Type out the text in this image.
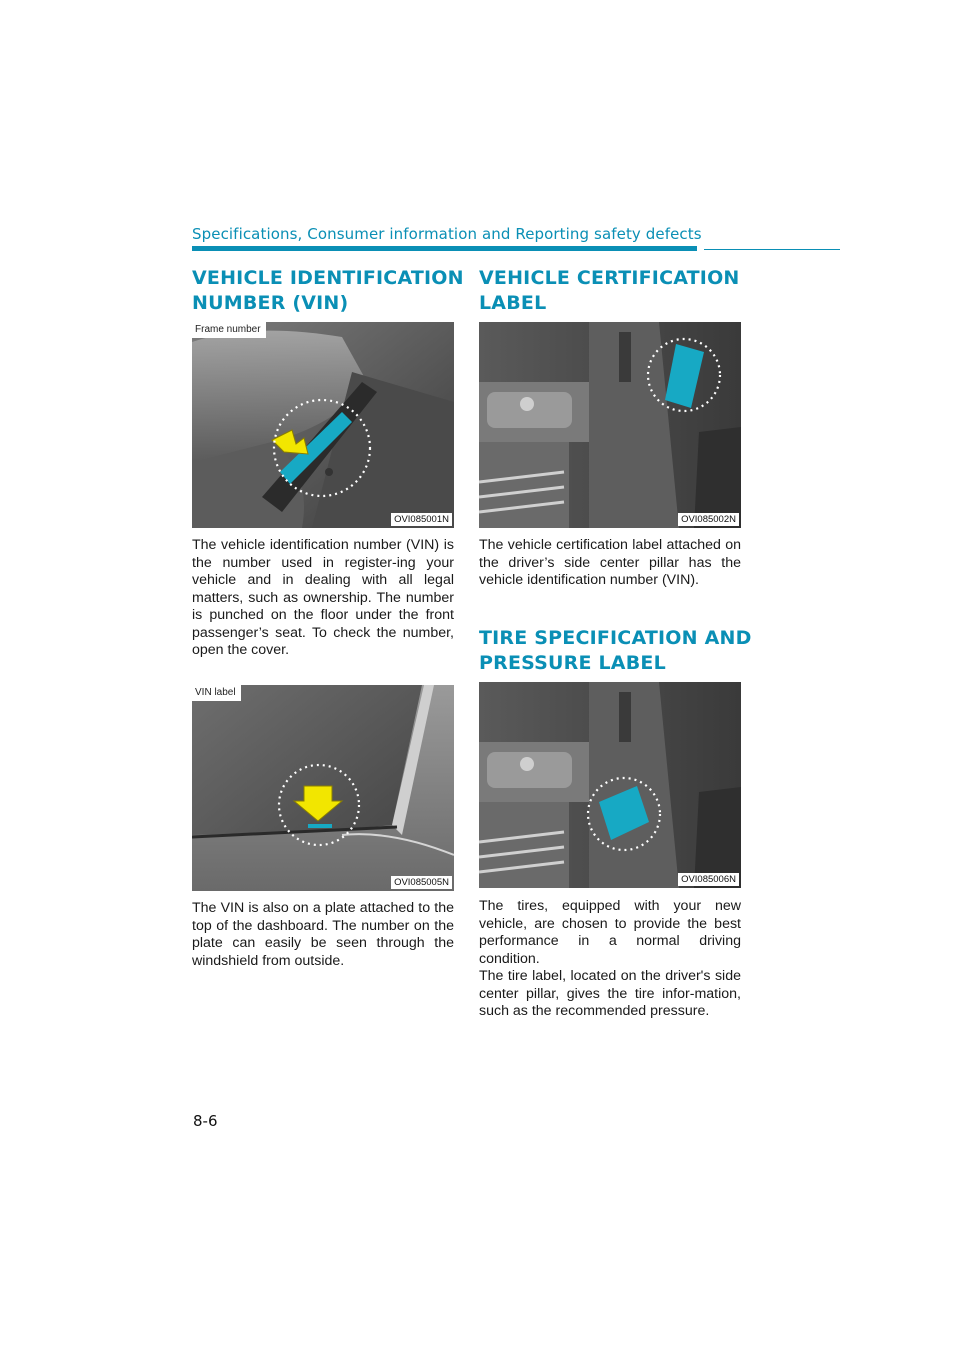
Specifications, Consumer information and Reporting safety defects
VEHICLE IDENTIFICATION
NUMBER (VIN)
Frame number
OVI085001N

The vehicle identification number (VIN) is the number used in register-ing your vehicle and in dealing with all legal matters, such as ownership. The number is punched on the floor under the front passenger’s seat. To check the number, open the cover.

VIN label
OVI085005N

The VIN is also on a plate attached to the top of the dashboard. The number on the plate can easily be seen through the windshield from outside.

VEHICLE CERTIFICATION
LABEL
OVI085002N

The vehicle certification label attached on the driver’s side center pillar has the vehicle identification number (VIN).

TIRE SPECIFICATION AND
PRESSURE LABEL
OVI085006N

The tires, equipped with your new vehicle, are chosen to provide the best performance in a normal driving condition.

The tire label, located on the driver's side center pillar, gives the tire infor-mation, such as the recommended pressure.

8-6
